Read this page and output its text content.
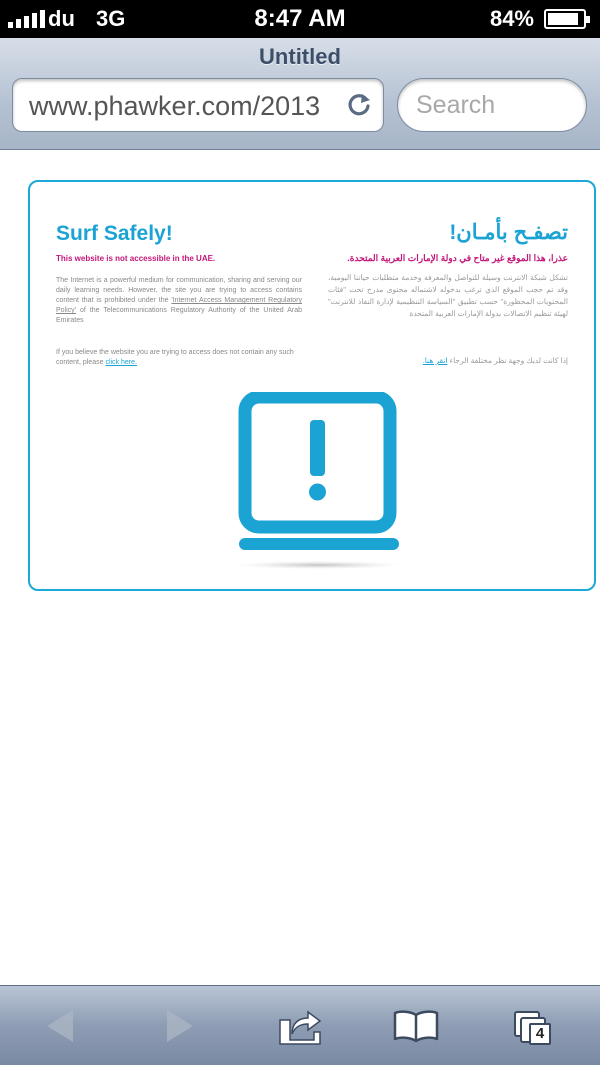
du 3G	8:47 AM	84%
Untitled
www.phawker.com/2013	Search
Surf Safely!	تصفـح بأمـان!
This website is not accessible in the UAE.	عذرا، هذا الموقع غير متاح في دولة الإمارات العربية المتحدة.
The Internet is a powerful medium for communication, sharing and serving our daily learning needs. However, the site you are trying to access contains content that is prohibited under the 'Internet Access Management Regulatory Policy' of the Telecommunications Regulatory Authority of the United Arab Emirates
If you believe the website you are trying to access does not contain any such content, please click here.
تشكل شبكة الانترنت وسيلة للتواصل والمعرفة وخدمة متطلبات حياتنا اليومية، وقد تم حجب الموقع الذي ترغب بدخوله لاشتماله محتوى مدرج تحت "فئات المحتويات المحظورة" حسب تطبيق "السياسة التنظيمية لإدارة النفاذ للانترنت" لهيئة تنظيم الاتصالات بدولة الإمارات العربية المتحدة
إذا كانت لديك وجهة نظر مختلفة الرجاء انقر هنا.
4
